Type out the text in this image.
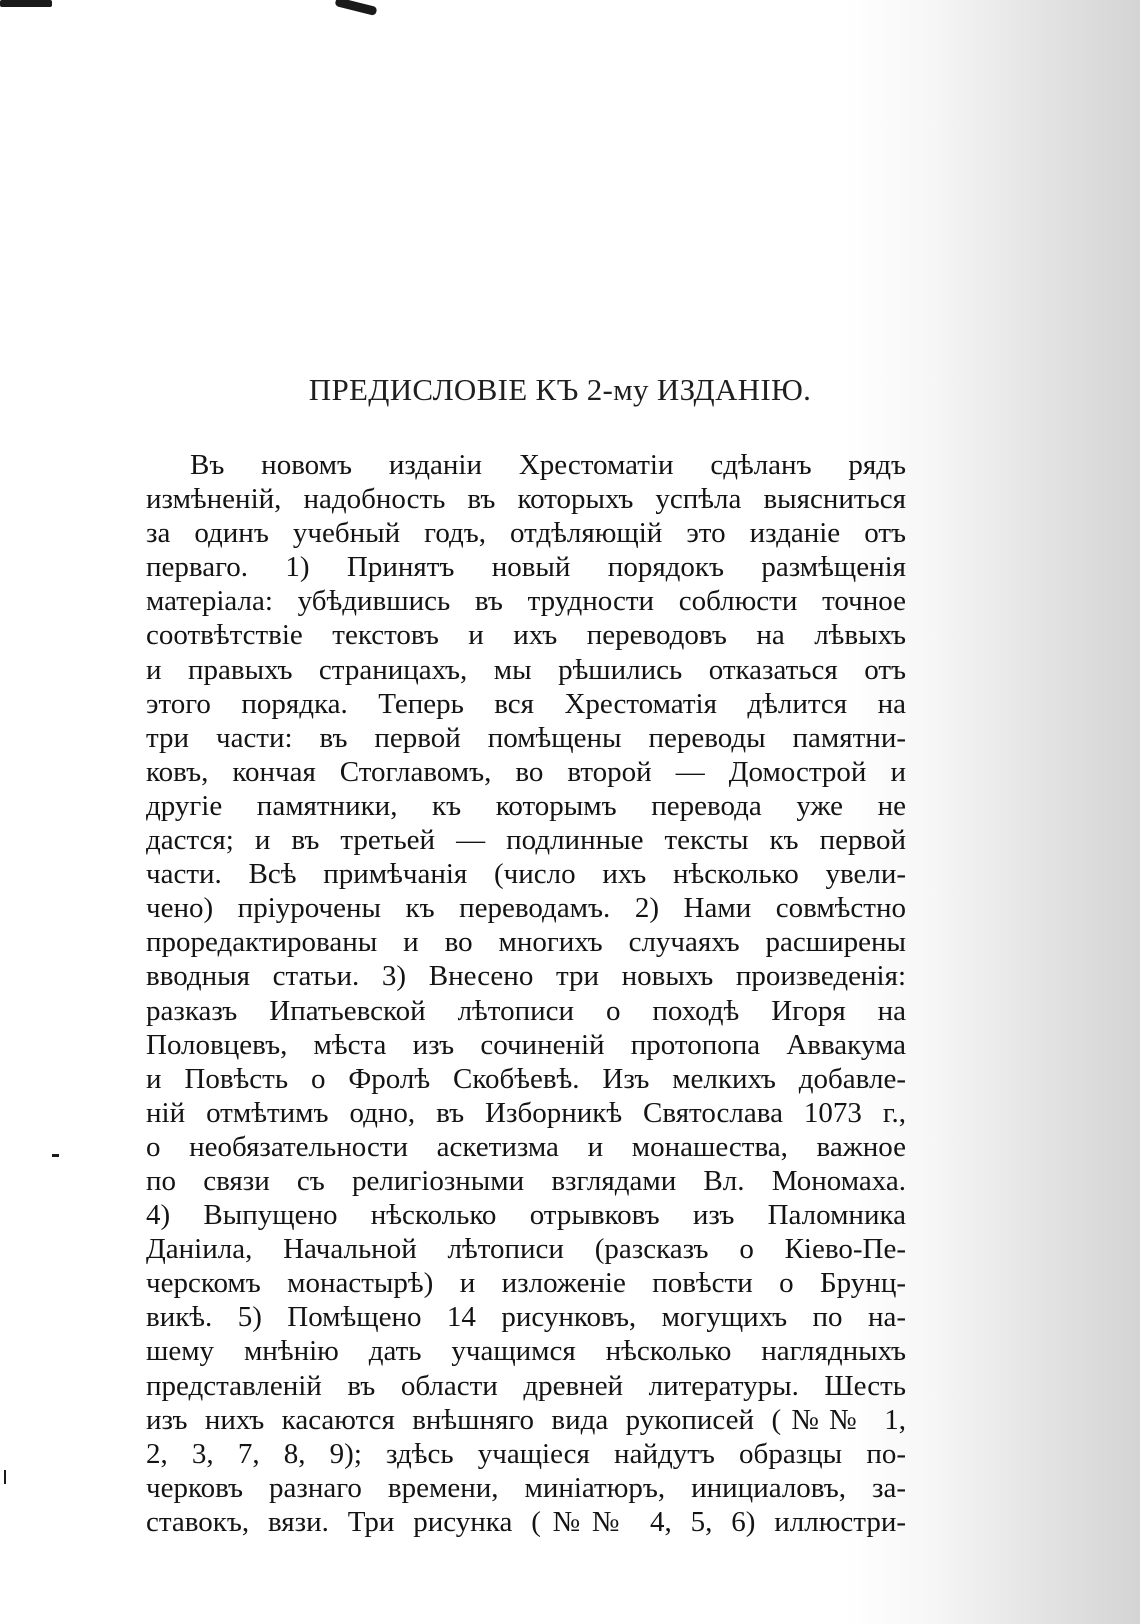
ПРЕДИСЛОВІЕ КЪ 2-му ИЗДАНІЮ.
Въ новомъ изданіи Хрестоматіи сдѣланъ рядъ
измѣненій, надобность въ которыхъ успѣла выясниться
за одинъ учебный годъ, отдѣляющій это изданіе отъ
перваго. 1) Принятъ новый порядокъ размѣщенія
матеріала: убѣдившись въ трудности соблюсти точное
соотвѣтствіе текстовъ и ихъ переводовъ на лѣвыхъ
и правыхъ страницахъ, мы рѣшились отказаться отъ
этого порядка. Теперь вся Хрестоматія дѣлится на
три части: въ первой помѣщены переводы памятни-
ковъ, кончая Стоглавомъ, во второй — Домострой и
другіе памятники, къ которымъ перевода уже не
дастся; и въ третьей — подлинные тексты къ первой
части. Всѣ примѣчанія (число ихъ нѣсколько увели-
чено) пріурочены къ переводамъ. 2) Нами совмѣстно
проредактированы и во многихъ случаяхъ расширены
вводныя статьи. 3) Внесено три новыхъ произведенія:
разказъ Ипатьевской лѣтописи о походѣ Игоря на
Половцевъ, мѣста изъ сочиненій протопопа Аввакума
и Повѣсть о Фролѣ Скобѣевѣ. Изъ мелкихъ добавле-
ній отмѣтимъ одно, въ Изборникѣ Святослава 1073 г.,
о необязательности аскетизма и монашества, важное
по связи съ религіозными взглядами Вл. Мономаха.
4) Выпущено нѣсколько отрывковъ изъ Паломника
Даніила, Начальной лѣтописи (разсказъ о Кіево-Пе-
черскомъ монастырѣ) и изложеніе повѣсти о Брунц-
викѣ. 5) Помѣщено 14 рисунковъ, могущихъ по на-
шему мнѣнію дать учащимся нѣсколько наглядныхъ
представленій въ области древней литературы. Шесть
изъ нихъ касаются внѣшняго вида рукописей (№№ 1,
2, 3, 7, 8, 9); здѣсь учащіеся найдутъ образцы по-
черковъ разнаго времени, миніатюръ, инициаловъ, за-
ставокъ, вязи. Три рисунка (№№ 4, 5, 6) иллюстри-
